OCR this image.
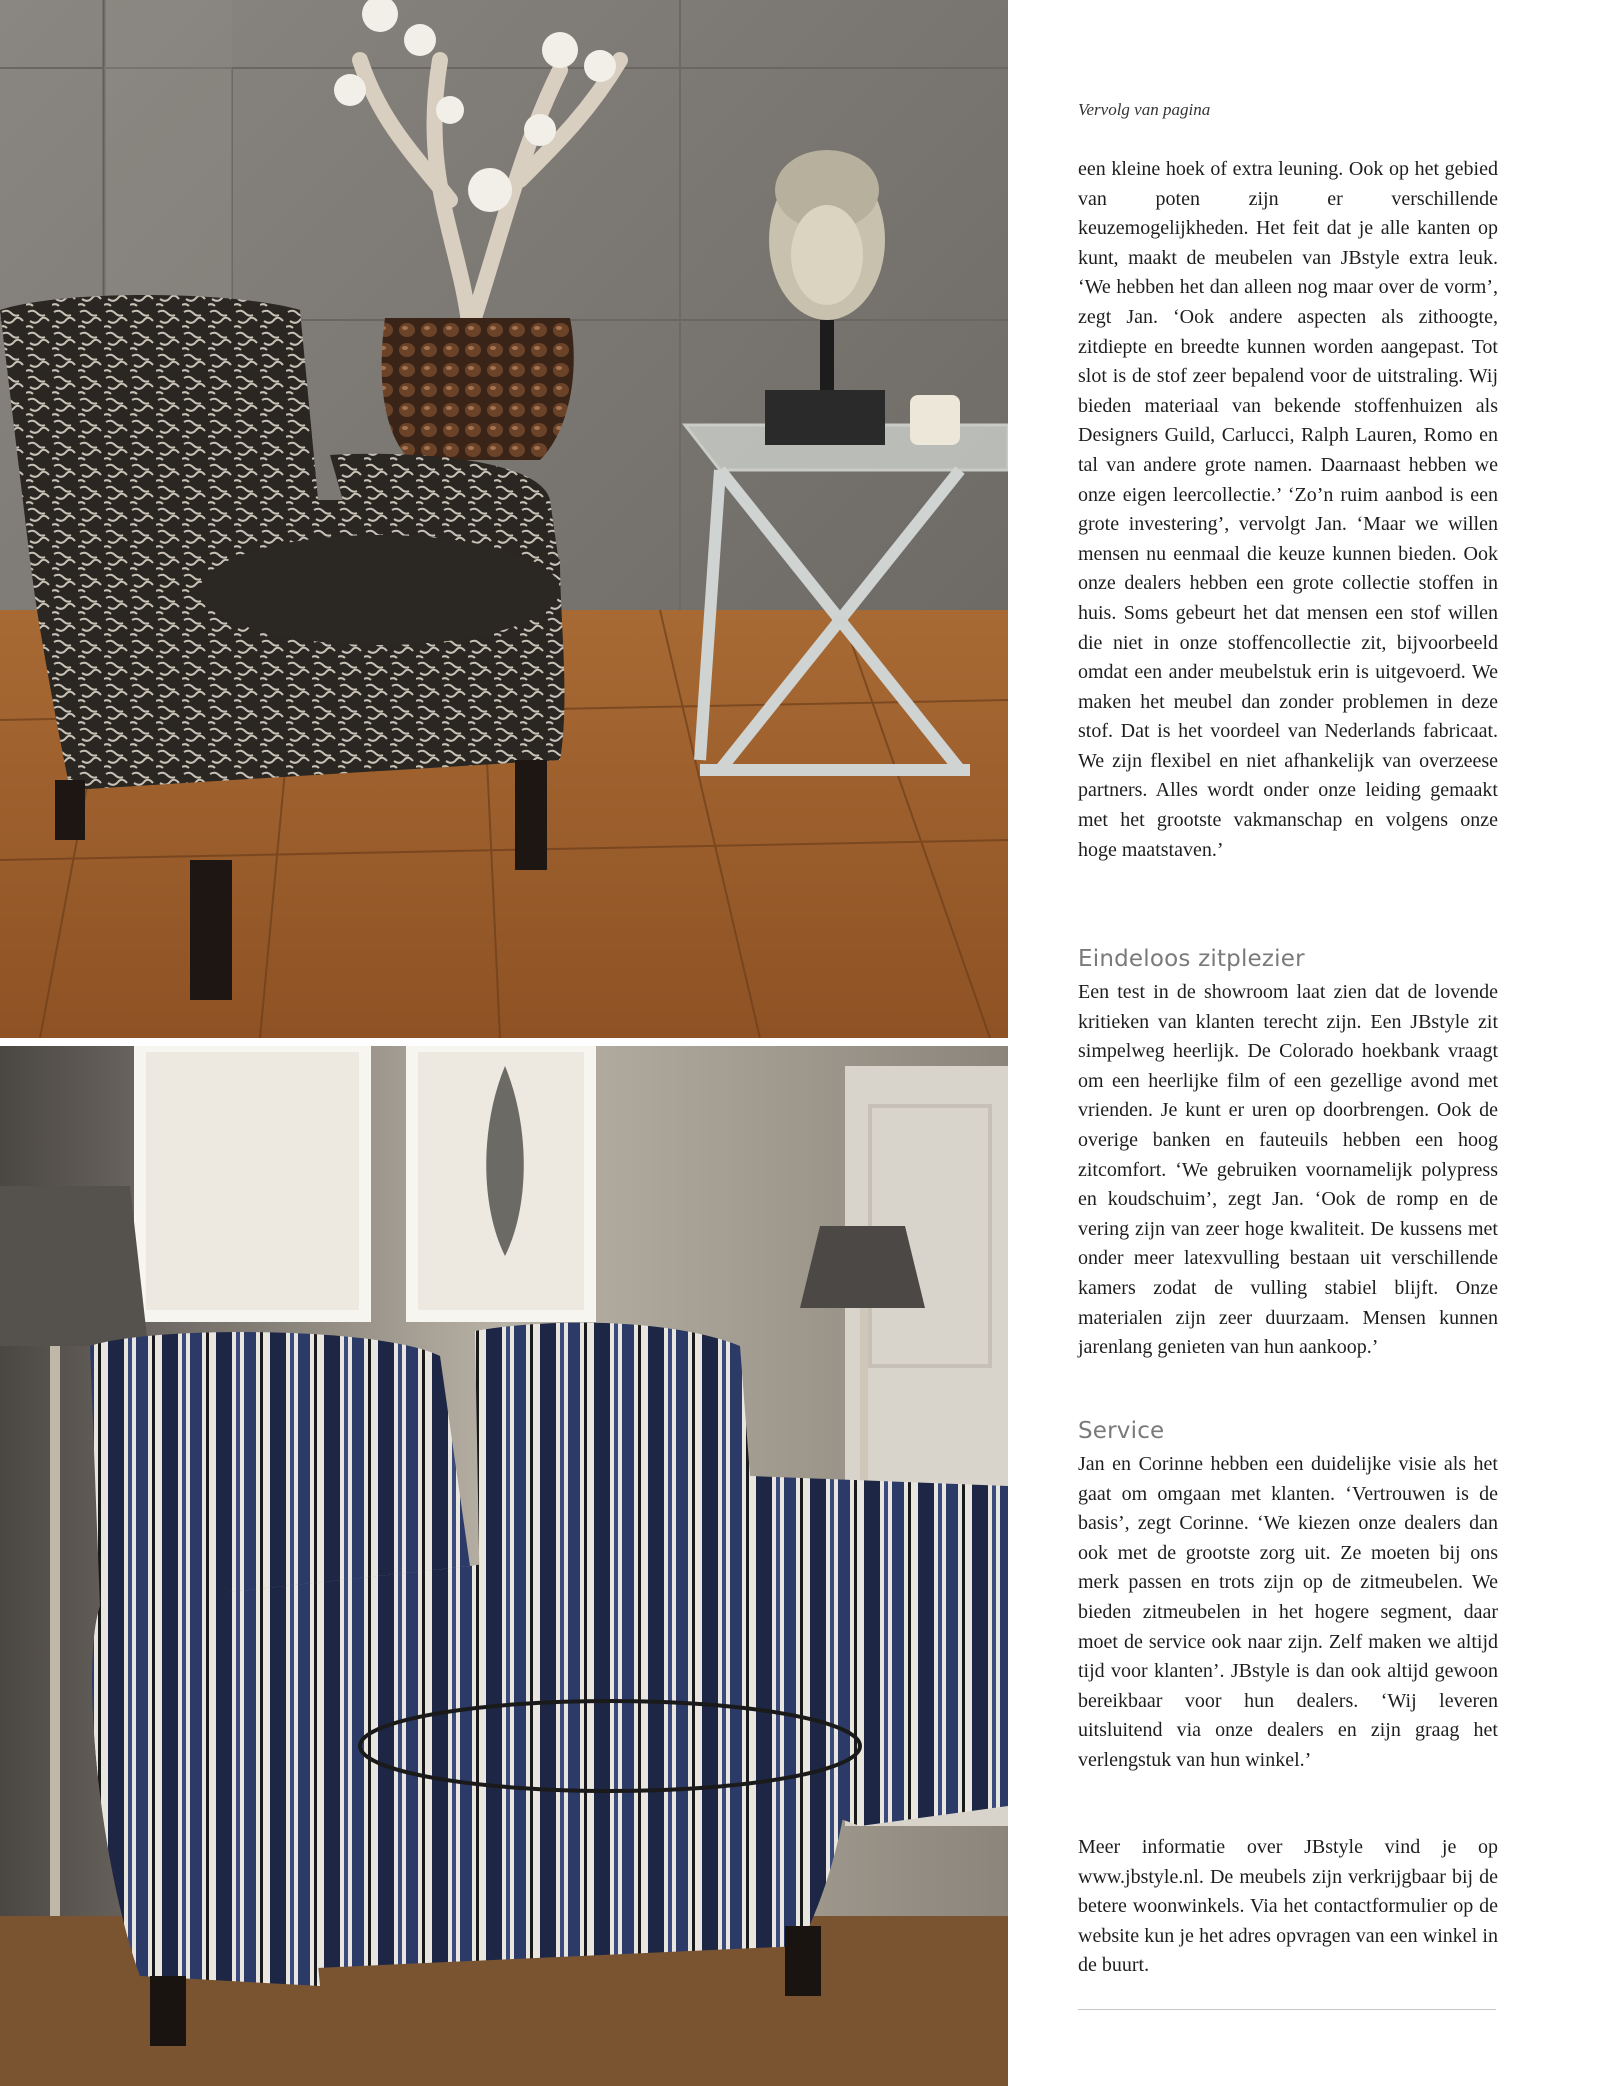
Vervolg van pagina

een kleine hoek of extra leuning. Ook op het gebied van poten zijn er verschillende keuzemogelijkheden. Het feit dat je alle kanten op kunt, maakt de meubelen van JBstyle extra leuk. ‘We hebben het dan alleen nog maar over de vorm’, zegt Jan. ‘Ook andere aspecten als zithoogte, zitdiepte en breedte kunnen worden aangepast. Tot slot is de stof zeer bepalend voor de uitstraling. Wij bieden materiaal van bekende stoffenhuizen als Designers Guild, Carlucci, Ralph Lauren, Romo en tal van andere grote namen. Daarnaast hebben we onze eigen leercollectie.’ ‘Zo’n ruim aanbod is een grote investering’, vervolgt Jan. ‘Maar we willen mensen nu eenmaal die keuze kunnen bieden. Ook onze dealers hebben een grote collectie stoffen in huis. Soms gebeurt het dat mensen een stof willen die niet in onze stoffencollectie zit, bijvoorbeeld omdat een ander meubelstuk erin is uitgevoerd. We maken het meubel dan zonder problemen in deze stof. Dat is het voordeel van Nederlands fabricaat. We zijn flexibel en niet afhankelijk van overzeese partners. Alles wordt onder onze leiding gemaakt met het grootste vakmanschap en volgens onze hoge maatstaven.’

Eindeloos zitplezier

Een test in de showroom laat zien dat de lovende kritieken van klanten terecht zijn. Een JBstyle zit simpelweg heerlijk. De Colorado hoekbank vraagt om een heerlijke film of een gezellige avond met vrienden. Je kunt er uren op doorbrengen. Ook de overige banken en fauteuils hebben een hoog zitcomfort. ‘We gebruiken voornamelijk polypress en koudschuim’, zegt Jan. ‘Ook de romp en de vering zijn van zeer hoge kwaliteit. De kussens met onder meer latexvulling bestaan uit verschillende kamers zodat de vulling stabiel blijft. Onze materialen zijn zeer duurzaam. Mensen kunnen jarenlang genieten van hun aankoop.’

Service

Jan en Corinne hebben een duidelijke visie als het gaat om omgaan met klanten. ‘Vertrouwen is de basis’, zegt Corinne. ‘We kiezen onze dealers dan ook met de grootste zorg uit. Ze moeten bij ons merk passen en trots zijn op de zitmeubelen. We bieden zitmeubelen in het hogere segment, daar moet de service ook naar zijn. Zelf maken we altijd tijd voor klanten’. JBstyle is dan ook altijd gewoon bereikbaar voor hun dealers. ‘Wij leveren uitsluitend via onze dealers en zijn graag het verlengstuk van hun winkel.’

Meer informatie over JBstyle vind je op www.jbstyle.nl. De meubels zijn verkrijgbaar bij de betere woonwinkels. Via het contactformulier op de website kun je het adres opvragen van een winkel in de buurt.
